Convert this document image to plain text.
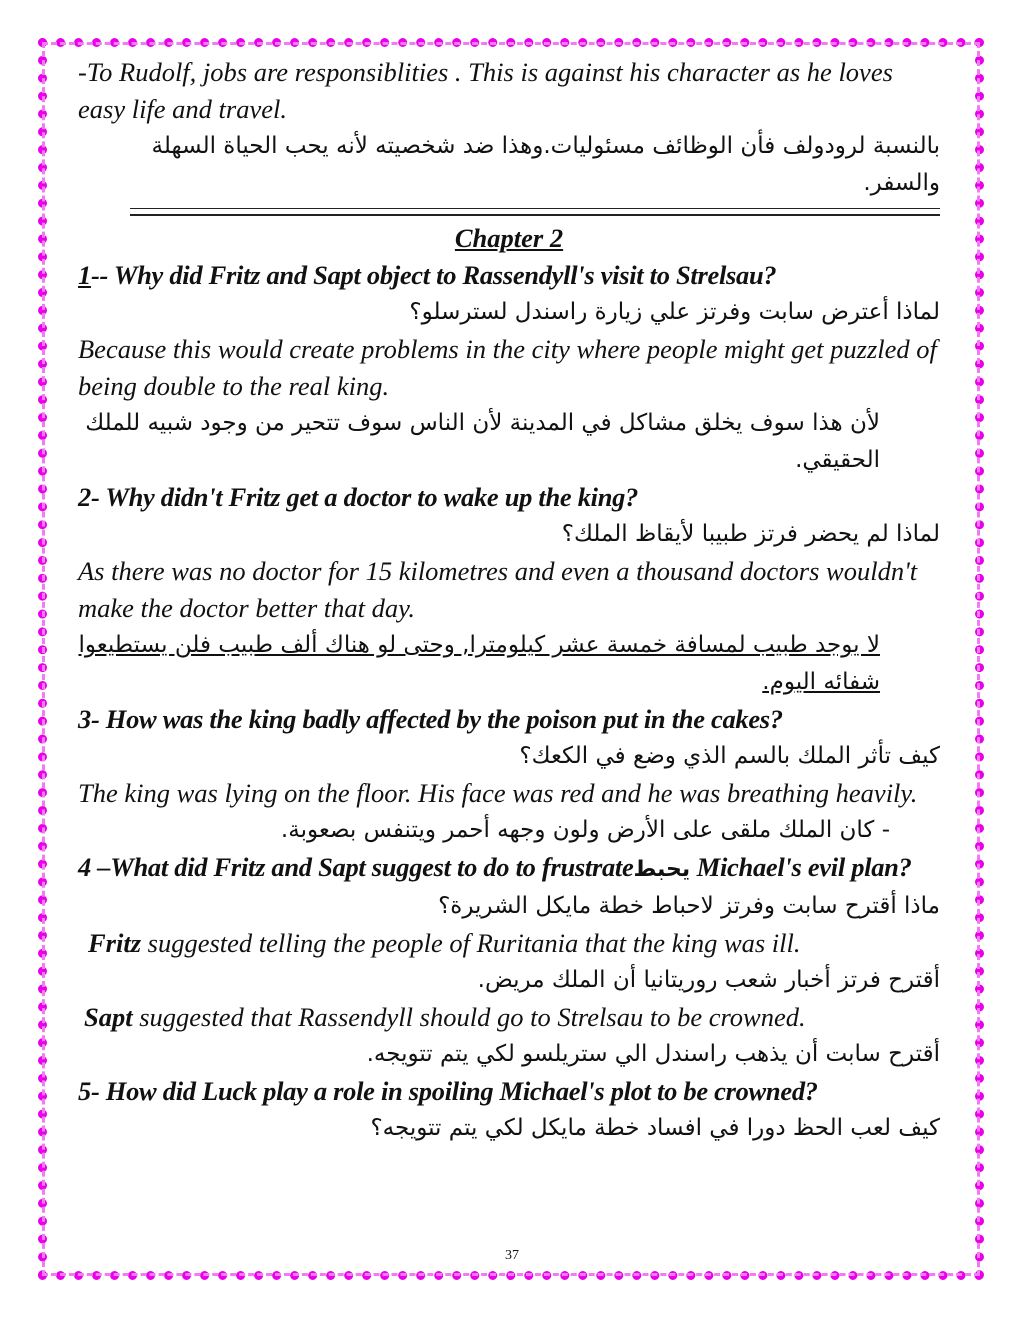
-To Rudolf, jobs are responsiblities . This is against his character as he loves easy life and travel.

بالنسبة لرودولف فأن الوظائف مسئوليات.وهذا ضد شخصيته لأنه يحب الحياة السهلة والسفر.

Chapter 2

1-- Why did Fritz and Sapt object to Rassendyll's visit to Strelsau?

لماذا أعترض سابت وفرتز علي زيارة راسندل لسترسلو؟

Because this would create problems in the city where people might get puzzled of being double to the real king.

لأن هذا سوف يخلق مشاكل في المدينة لأن الناس سوف تتحير من وجود شبيه للملك الحقيقي.

2- Why didn't Fritz get a doctor to wake up the king?

لماذا لم يحضر فرتز طبيبا لأيقاظ الملك؟

As there was no doctor for 15 kilometres and even a thousand doctors wouldn't make the doctor better that day.

لا يوجد طبيب لمسافة خمسة عشر كيلومترا, وحتى لو هناك ألف طبيب فلن يستطيعوا شفائه اليوم.

3- How was the king badly affected by the poison put in the cakes?

كيف تأثر الملك بالسم الذي وضع في الكعك؟

The king was lying on the floor. His face was red and he was breathing heavily.

- كان الملك ملقى على الأرض ولون وجهه أحمر ويتنفس بصعوبة.

4 –What did Fritz and Sapt suggest to do to frustrateيحبط Michael's evil plan?

ماذا أقترح سابت وفرتز لاحباط خطة مايكل الشريرة؟

Fritz suggested telling the people of Ruritania that the king was ill.

أقترح فرتز أخبار شعب روريتانيا أن الملك مريض.

Sapt suggested that Rassendyll should go to Strelsau to be crowned.

أقترح سابت أن يذهب راسندل الي ستريلسو لكي يتم تتويجه.

5- How did Luck play a role in spoiling Michael's plot to be crowned?

كيف لعب الحظ دورا في افساد خطة مايكل لكي يتم تتويجه؟

37
